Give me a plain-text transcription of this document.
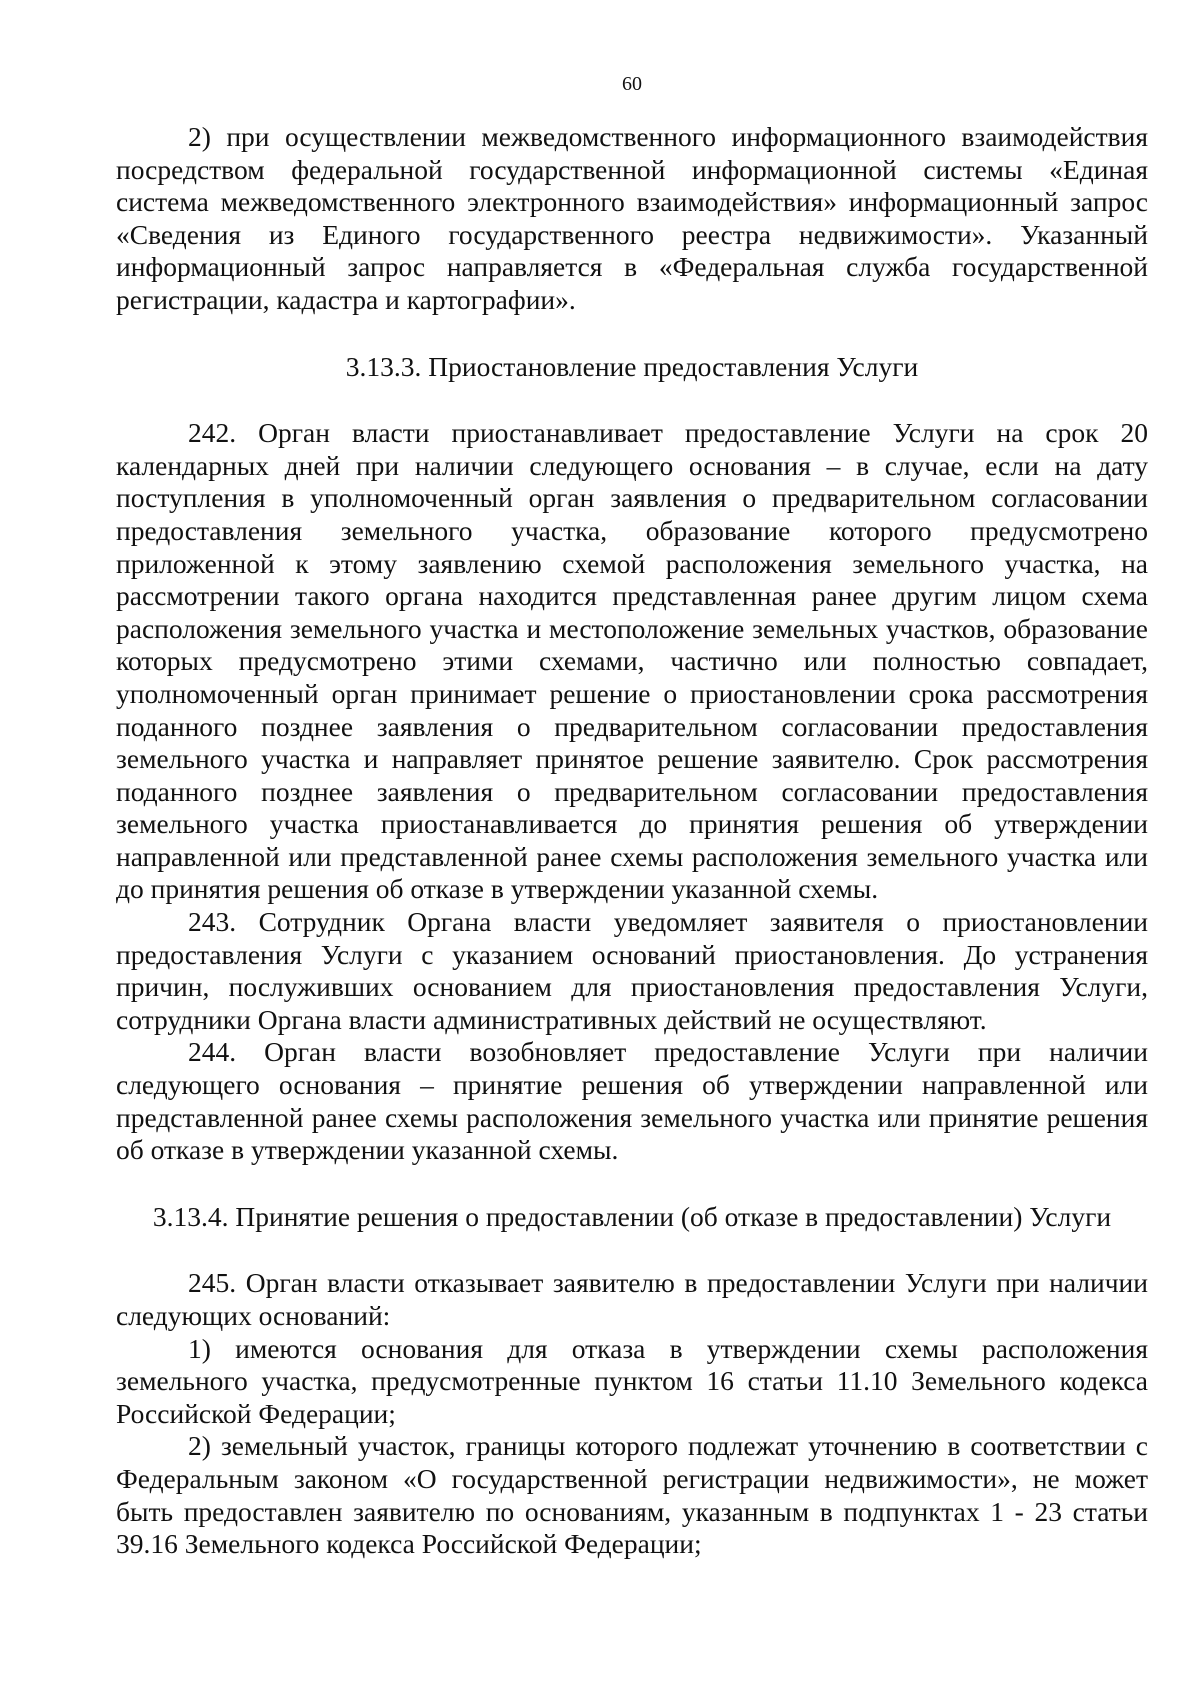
60

2) при осуществлении межведомственного информационного взаимодействия посредством федеральной государственной информационной системы «Единая система межведомственного электронного взаимодействия» информационный запрос «Сведения из Единого государственного реестра недвижимости». Указанный информационный запрос направляется в «Федеральная служба государственной регистрации, кадастра и картографии».

3.13.3. Приостановление предоставления Услуги

242. Орган власти приостанавливает предоставление Услуги на срок 20 календарных дней при наличии следующего основания – в случае, если на дату поступления в уполномоченный орган заявления о предварительном согласовании предоставления земельного участка, образование которого предусмотрено приложенной к этому заявлению схемой расположения земельного участка, на рассмотрении такого органа находится представленная ранее другим лицом схема расположения земельного участка и местоположение земельных участков, образование которых предусмотрено этими схемами, частично или полностью совпадает, уполномоченный орган принимает решение о приостановлении срока рассмотрения поданного позднее заявления о предварительном согласовании предоставления земельного участка и направляет принятое решение заявителю. Срок рассмотрения поданного позднее заявления о предварительном согласовании предоставления земельного участка приостанавливается до принятия решения об утверждении направленной или представленной ранее схемы расположения земельного участка или до принятия решения об отказе в утверждении указанной схемы.

243. Сотрудник Органа власти уведомляет заявителя о приостановлении предоставления Услуги с указанием оснований приостановления. До устранения причин, послуживших основанием для приостановления предоставления Услуги, сотрудники Органа власти административных действий не осуществляют.

244. Орган власти возобновляет предоставление Услуги при наличии следующего основания – принятие решения об утверждении направленной или представленной ранее схемы расположения земельного участка или принятие решения об отказе в утверждении указанной схемы.

3.13.4. Принятие решения о предоставлении (об отказе в предоставлении) Услуги

245. Орган власти отказывает заявителю в предоставлении Услуги при наличии следующих оснований:

1) имеются основания для отказа в утверждении схемы расположения земельного участка, предусмотренные пунктом 16 статьи 11.10 Земельного кодекса Российской Федерации;

2) земельный участок, границы которого подлежат уточнению в соответствии с Федеральным законом «О государственной регистрации недвижимости», не может быть предоставлен заявителю по основаниям, указанным в подпунктах 1 - 23 статьи 39.16 Земельного кодекса Российской Федерации;
